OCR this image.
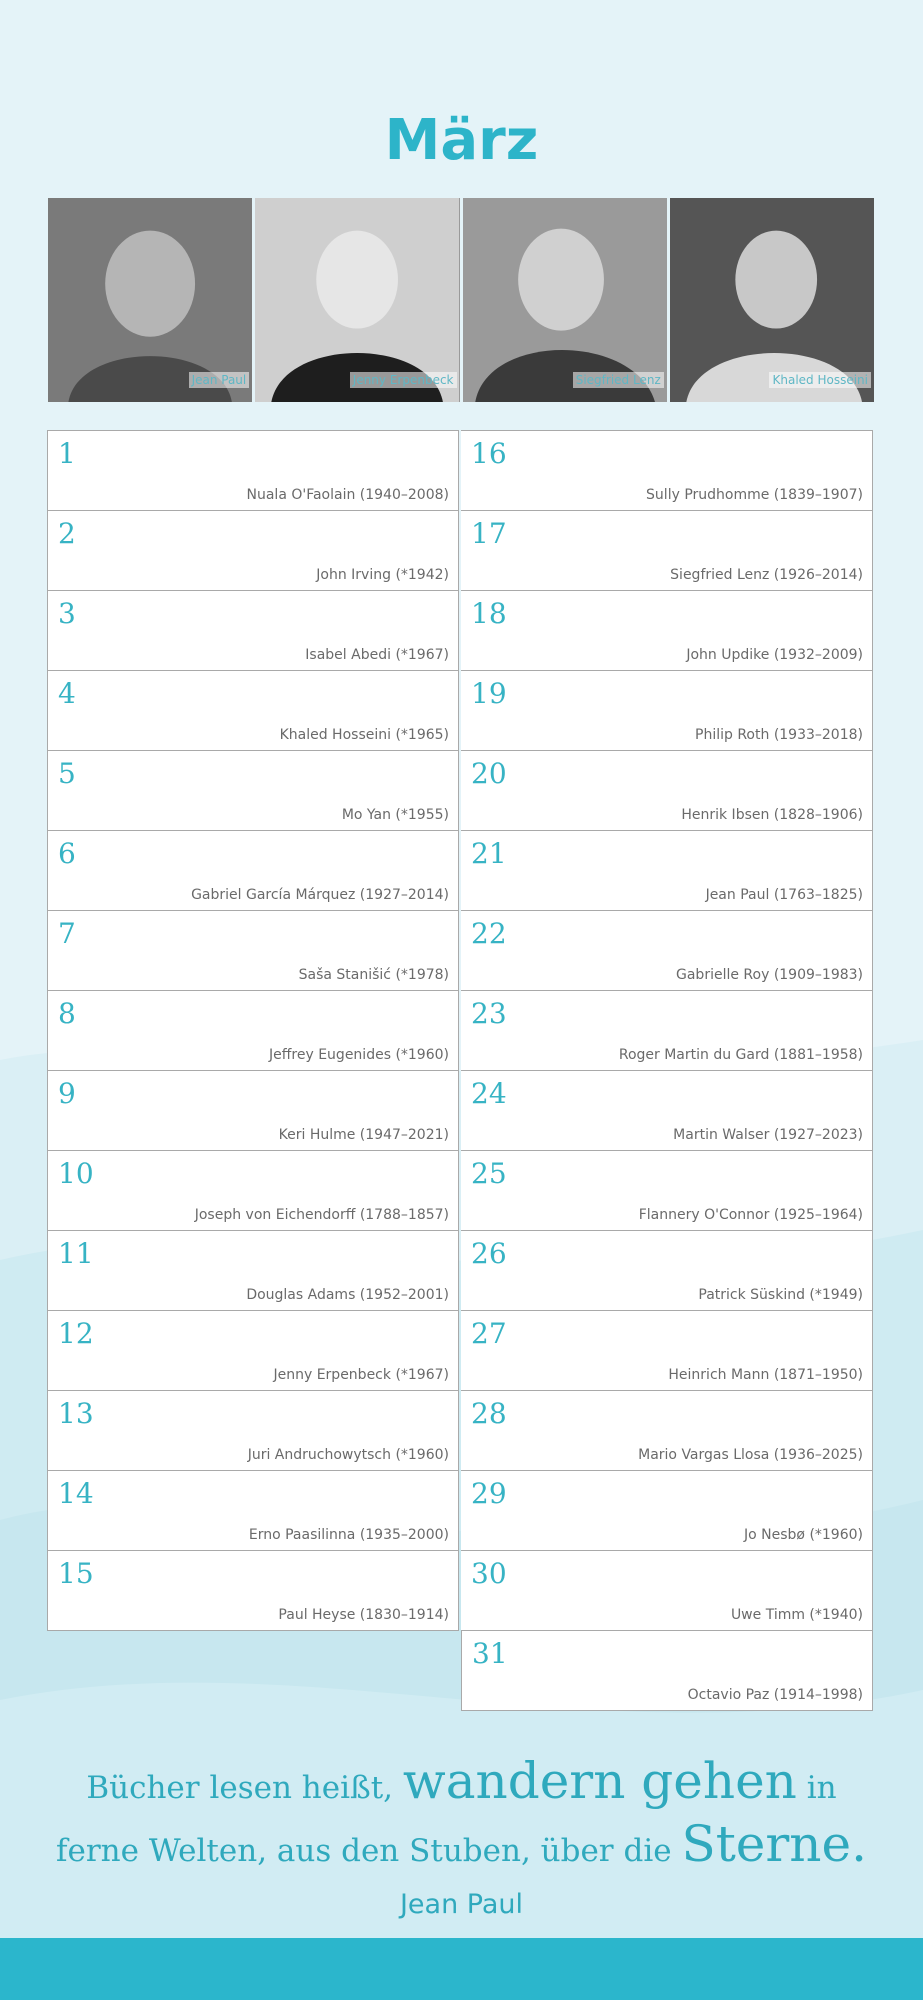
März
Jean Paul	Jenny Erpenbeck	Siegfried Lenz	Khaled Hosseini
1
Nuala O'Faolain (1940–2008)
2
John Irving (*1942)
3
Isabel Abedi (*1967)
4
Khaled Hosseini (*1965)
5
Mo Yan (*1955)
6
Gabriel García Márquez (1927–2014)
7
Saša Stanišić (*1978)
8
Jeffrey Eugenides (*1960)
9
Keri Hulme (1947–2021)
10
Joseph von Eichendorff (1788–1857)
11
Douglas Adams (1952–2001)
12
Jenny Erpenbeck (*1967)
13
Juri Andruchowytsch (*1960)
14
Erno Paasilinna (1935–2000)
15
Paul Heyse (1830–1914)
16
Sully Prudhomme (1839–1907)
17
Siegfried Lenz (1926–2014)
18
John Updike (1932–2009)
19
Philip Roth (1933–2018)
20
Henrik Ibsen (1828–1906)
21
Jean Paul (1763–1825)
22
Gabrielle Roy (1909–1983)
23
Roger Martin du Gard (1881–1958)
24
Martin Walser (1927–2023)
25
Flannery O'Connor (1925–1964)
26
Patrick Süskind (*1949)
27
Heinrich Mann (1871–1950)
28
Mario Vargas Llosa (1936–2025)
29
Jo Nesbø (*1960)
30
Uwe Timm (*1940)
31
Octavio Paz (1914–1998)
Bücher lesen heißt, wandern gehen in
ferne Welten, aus den Stuben, über die Sterne.
Jean Paul
